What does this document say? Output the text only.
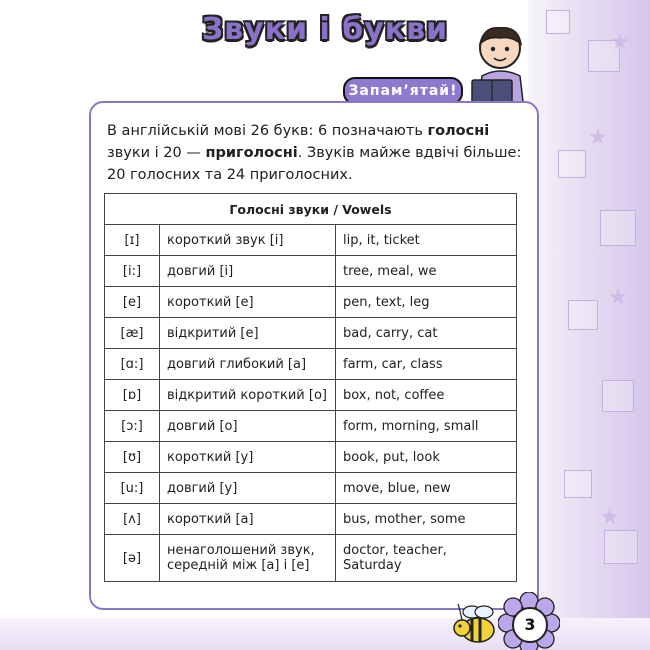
★
★
★
★
Звуки і букви
Запам’ятай!

В англійській мові 26 букв: 6 позначають голосні звуки і 20 — приголосні. Звуків майже вдвічі більше: 20 голосних та 24 приголосних.

Голосні звуки / Vowels		
[ɪ]	короткий звук [і]	lip, it, ticket
[i:]	довгий [і]	tree, meal, we
[e]	короткий [е]	pen, text, leg
[æ]	відкритий [е]	bad, carry, cat
[ɑ:]	довгий глибокий [а]	farm, car, class
[ɒ]	відкритий короткий [о]	box, not, coffee
[ɔ:]	довгий [о]	form, morning, small
[ʊ]	короткий [у]	book, put, look
[u:]	довгий [у]	move, blue, new
[ʌ]	короткий [а]	bus, mother, some
[ə]	ненаголошений звук, середній між [а] і [е]	doctor, teacher, Saturday
3
